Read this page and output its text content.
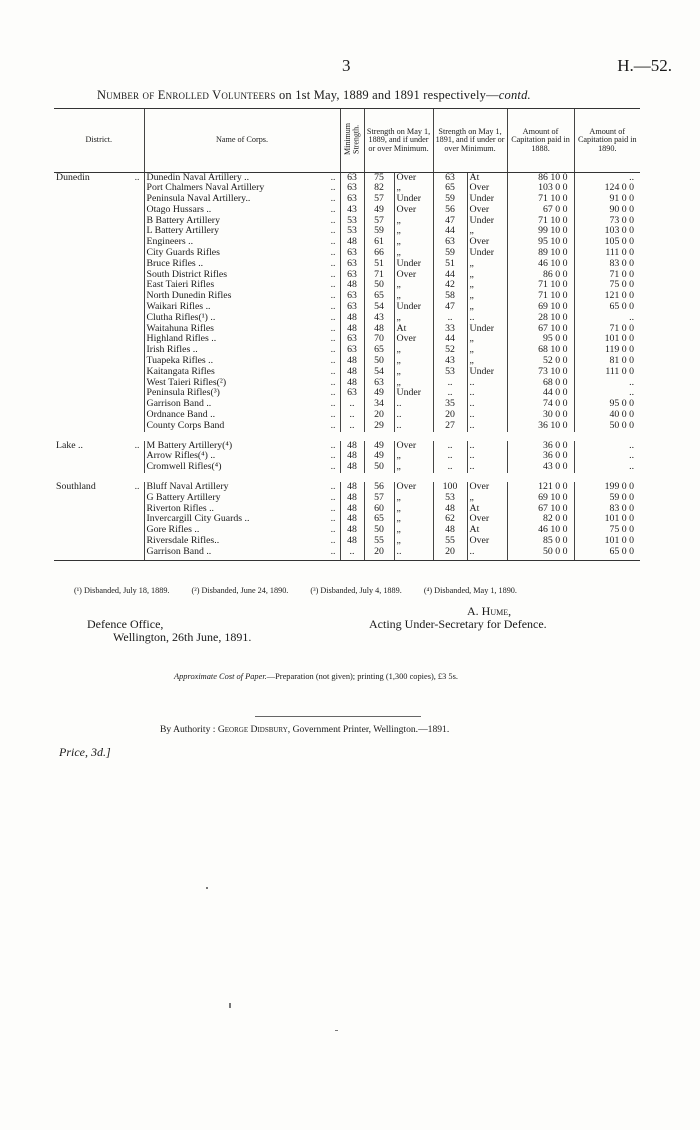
3	H.—52.
Number of Enrolled Volunteers on 1st May, 1889 and 1891 respectively—contd.
District.	Name of Corps.	Minimum Strength.	Strength on May 1, 1889, and if under or over Minimum.		Strength on May 1, 1891, and if under or over Minimum.		Amount of Capitation paid in 1888.	Amount of Capitation paid in 1890.
Dunedin ..	Dunedin Naval Artillery .. ..	63	75	Over	63	At	86 10 0	..

	Port Chalmers Naval Artillery ..	63	82	„	65	Over	103 0 0	124 0 0

	Peninsula Naval Artillery.. ..	63	57	Under	59	Under	71 10 0	91 0 0

	Otago Hussars .. ..	43	49	Over	56	Over	67 0 0	90 0 0

	B Battery Artillery ..	53	57	„	47	Under	71 10 0	73 0 0

	L Battery Artillery ..	53	59	„	44	„	99 10 0	103 0 0

	Engineers .. ..	48	61	„	63	Over	95 10 0	105 0 0

	City Guards Rifles ..	63	66	„	59	Under	89 10 0	111 0 0

	Bruce Rifles .. ..	63	51	Under	51	„	46 10 0	83 0 0

	South District Rifles ..	63	71	Over	44	„	86 0 0	71 0 0

	East Taieri Rifles ..	48	50	„	42	„	71 10 0	75 0 0

	North Dunedin Rifles ..	63	65	„	58	„	71 10 0	121 0 0

	Waikari Rifles .. ..	63	54	Under	47	„	69 10 0	65 0 0

	Clutha Rifles(¹) .. ..	48	43	„	..	..	28 10 0	..

	Waitahuna Rifles ..	48	48	At	33	Under	67 10 0	71 0 0

	Highland Rifles .. ..	63	70	Over	44	„	95 0 0	101 0 0

	Irish Rifles .. ..	63	65	„	52	„	68 10 0	119 0 0

	Tuapeka Rifles .. ..	48	50	„	43	„	52 0 0	81 0 0

	Kaitangata Rifles ..	48	54	„	53	Under	73 10 0	111 0 0

	West Taieri Rifles(²) ..	48	63	„	..	..	68 0 0	..

	Peninsula Rifles(³) ..	63	49	Under	..	..	44 0 0	..

	Garrison Band .. ..	..	34	..	35	..	74 0 0	95 0 0

	Ordnance Band .. ..	..	20	..	20	..	30 0 0	40 0 0

	County Corps Band ..	..	29	..	27	..	36 10 0	50 0 0

Lake .. ..	M Battery Artillery(⁴) ..	48	49	Over	..	..	36 0 0	..

	Arrow Rifles(⁴) .. ..	48	49	„	..	..	36 0 0	..

	Cromwell Rifles(⁴) ..	48	50	„	..	..	43 0 0	..

Southland ..	Bluff Naval Artillery ..	48	56	Over	100	Over	121 0 0	199 0 0

	G Battery Artillery ..	48	57	„	53	„	69 10 0	59 0 0

	Riverton Rifles .. ..	48	60	„	48	At	67 10 0	83 0 0

	Invercargill City Guards .. ..	48	65	„	62	Over	82 0 0	101 0 0

	Gore Rifles .. ..	48	50	„	48	At	46 10 0	75 0 0

	Riversdale Rifles.. ..	48	55	„	55	Over	85 0 0	101 0 0

	Garrison Band .. ..	..	20	..	20	..	50 0 0	65 0 0
(¹) Disbanded, July 18, 1889.	(²) Disbanded, June 24, 1890.	(³) Disbanded, July 4, 1889.	(⁴) Disbanded, May 1, 1890.
A. Hume,
Acting Under-Secretary for Defence.
Defence Office,
Wellington, 26th June, 1891.
Approximate Cost of Paper.—Preparation (not given); printing (1,300 copies), £3 5s.
By Authority : George Didsbury, Government Printer, Wellington.—1891.
Price, 3d.]
